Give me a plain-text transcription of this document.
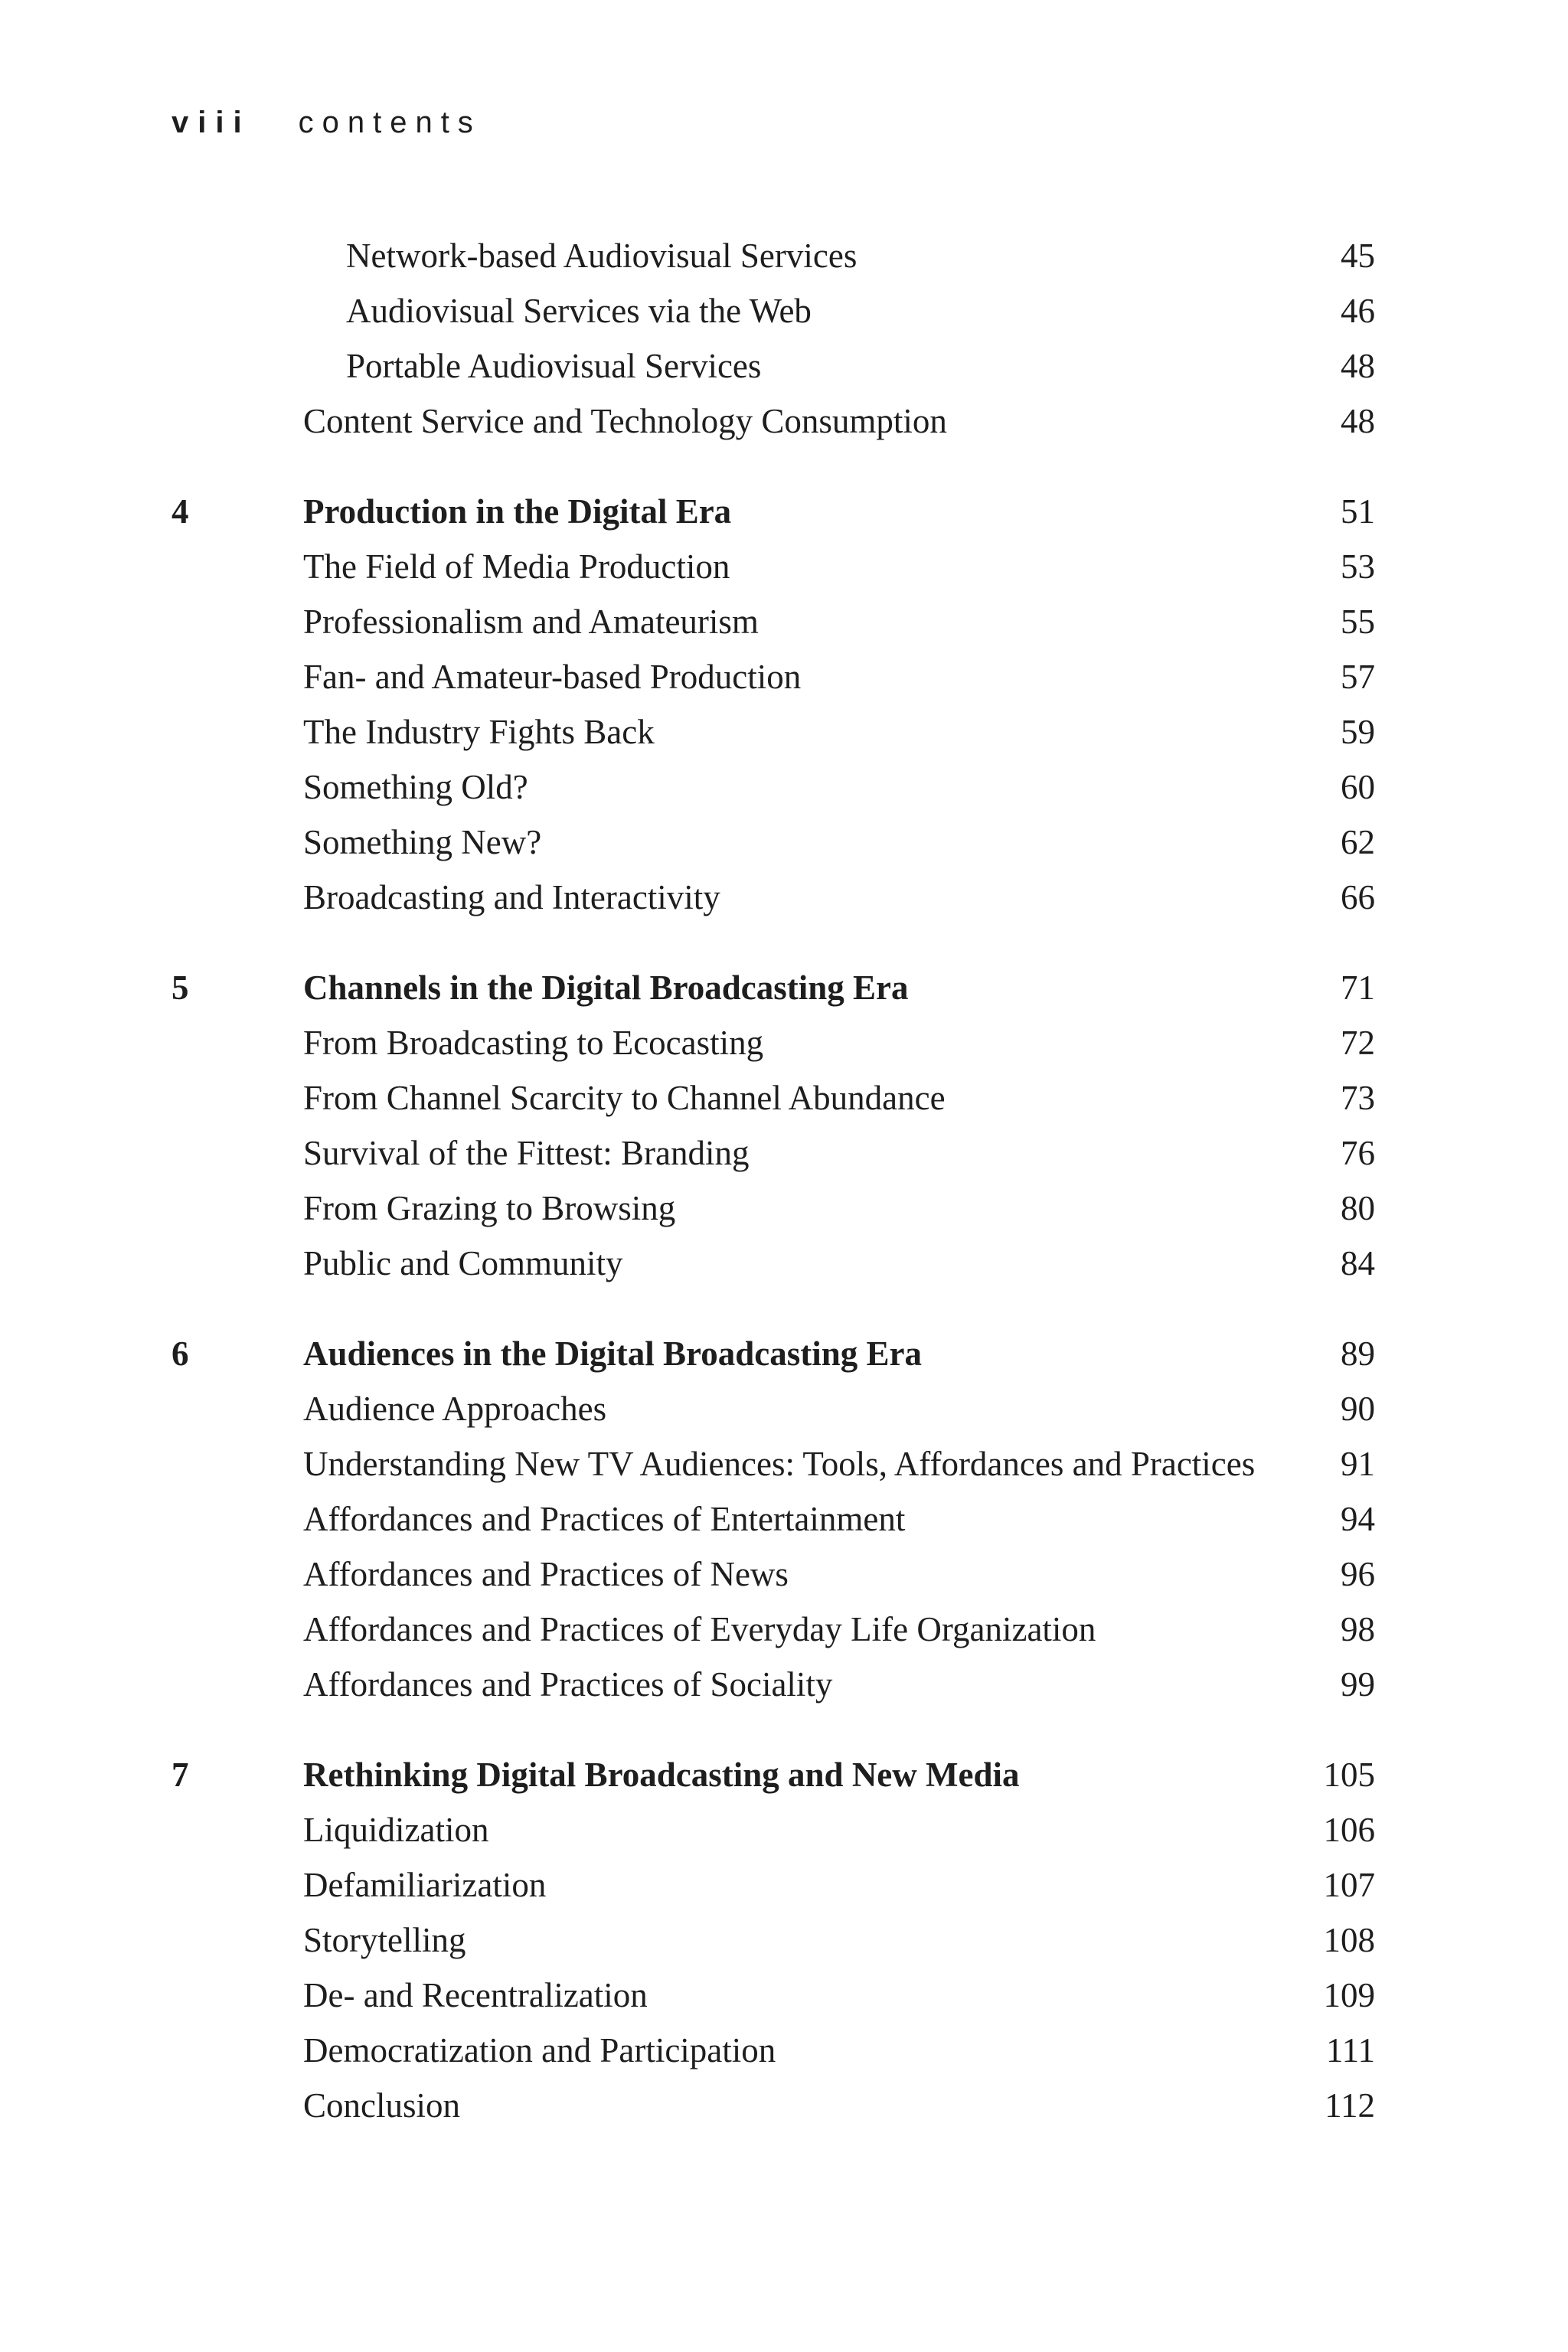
viii contents
Network-based Audiovisual Services	45
Audiovisual Services via the Web	46
Portable Audiovisual Services	48
Content Service and Technology Consumption	48
4	Production in the Digital Era	51
The Field of Media Production	53
Professionalism and Amateurism	55
Fan- and Amateur-based Production	57
The Industry Fights Back	59
Something Old?	60
Something New?	62
Broadcasting and Interactivity	66
5	Channels in the Digital Broadcasting Era	71
From Broadcasting to Ecocasting	72
From Channel Scarcity to Channel Abundance	73
Survival of the Fittest: Branding	76
From Grazing to Browsing	80
Public and Community	84
6	Audiences in the Digital Broadcasting Era	89
Audience Approaches	90
Understanding New TV Audiences: Tools, Affordances and Practices 91
Affordances and Practices of Entertainment	94
Affordances and Practices of News	96
Affordances and Practices of Everyday Life Organization	98
Affordances and Practices of Sociality	99
7	Rethinking Digital Broadcasting and New Media	105
Liquidization	106
Defamiliarization	107
Storytelling	108
De- and Recentralization	109
Democratization and Participation	111
Conclusion	112
